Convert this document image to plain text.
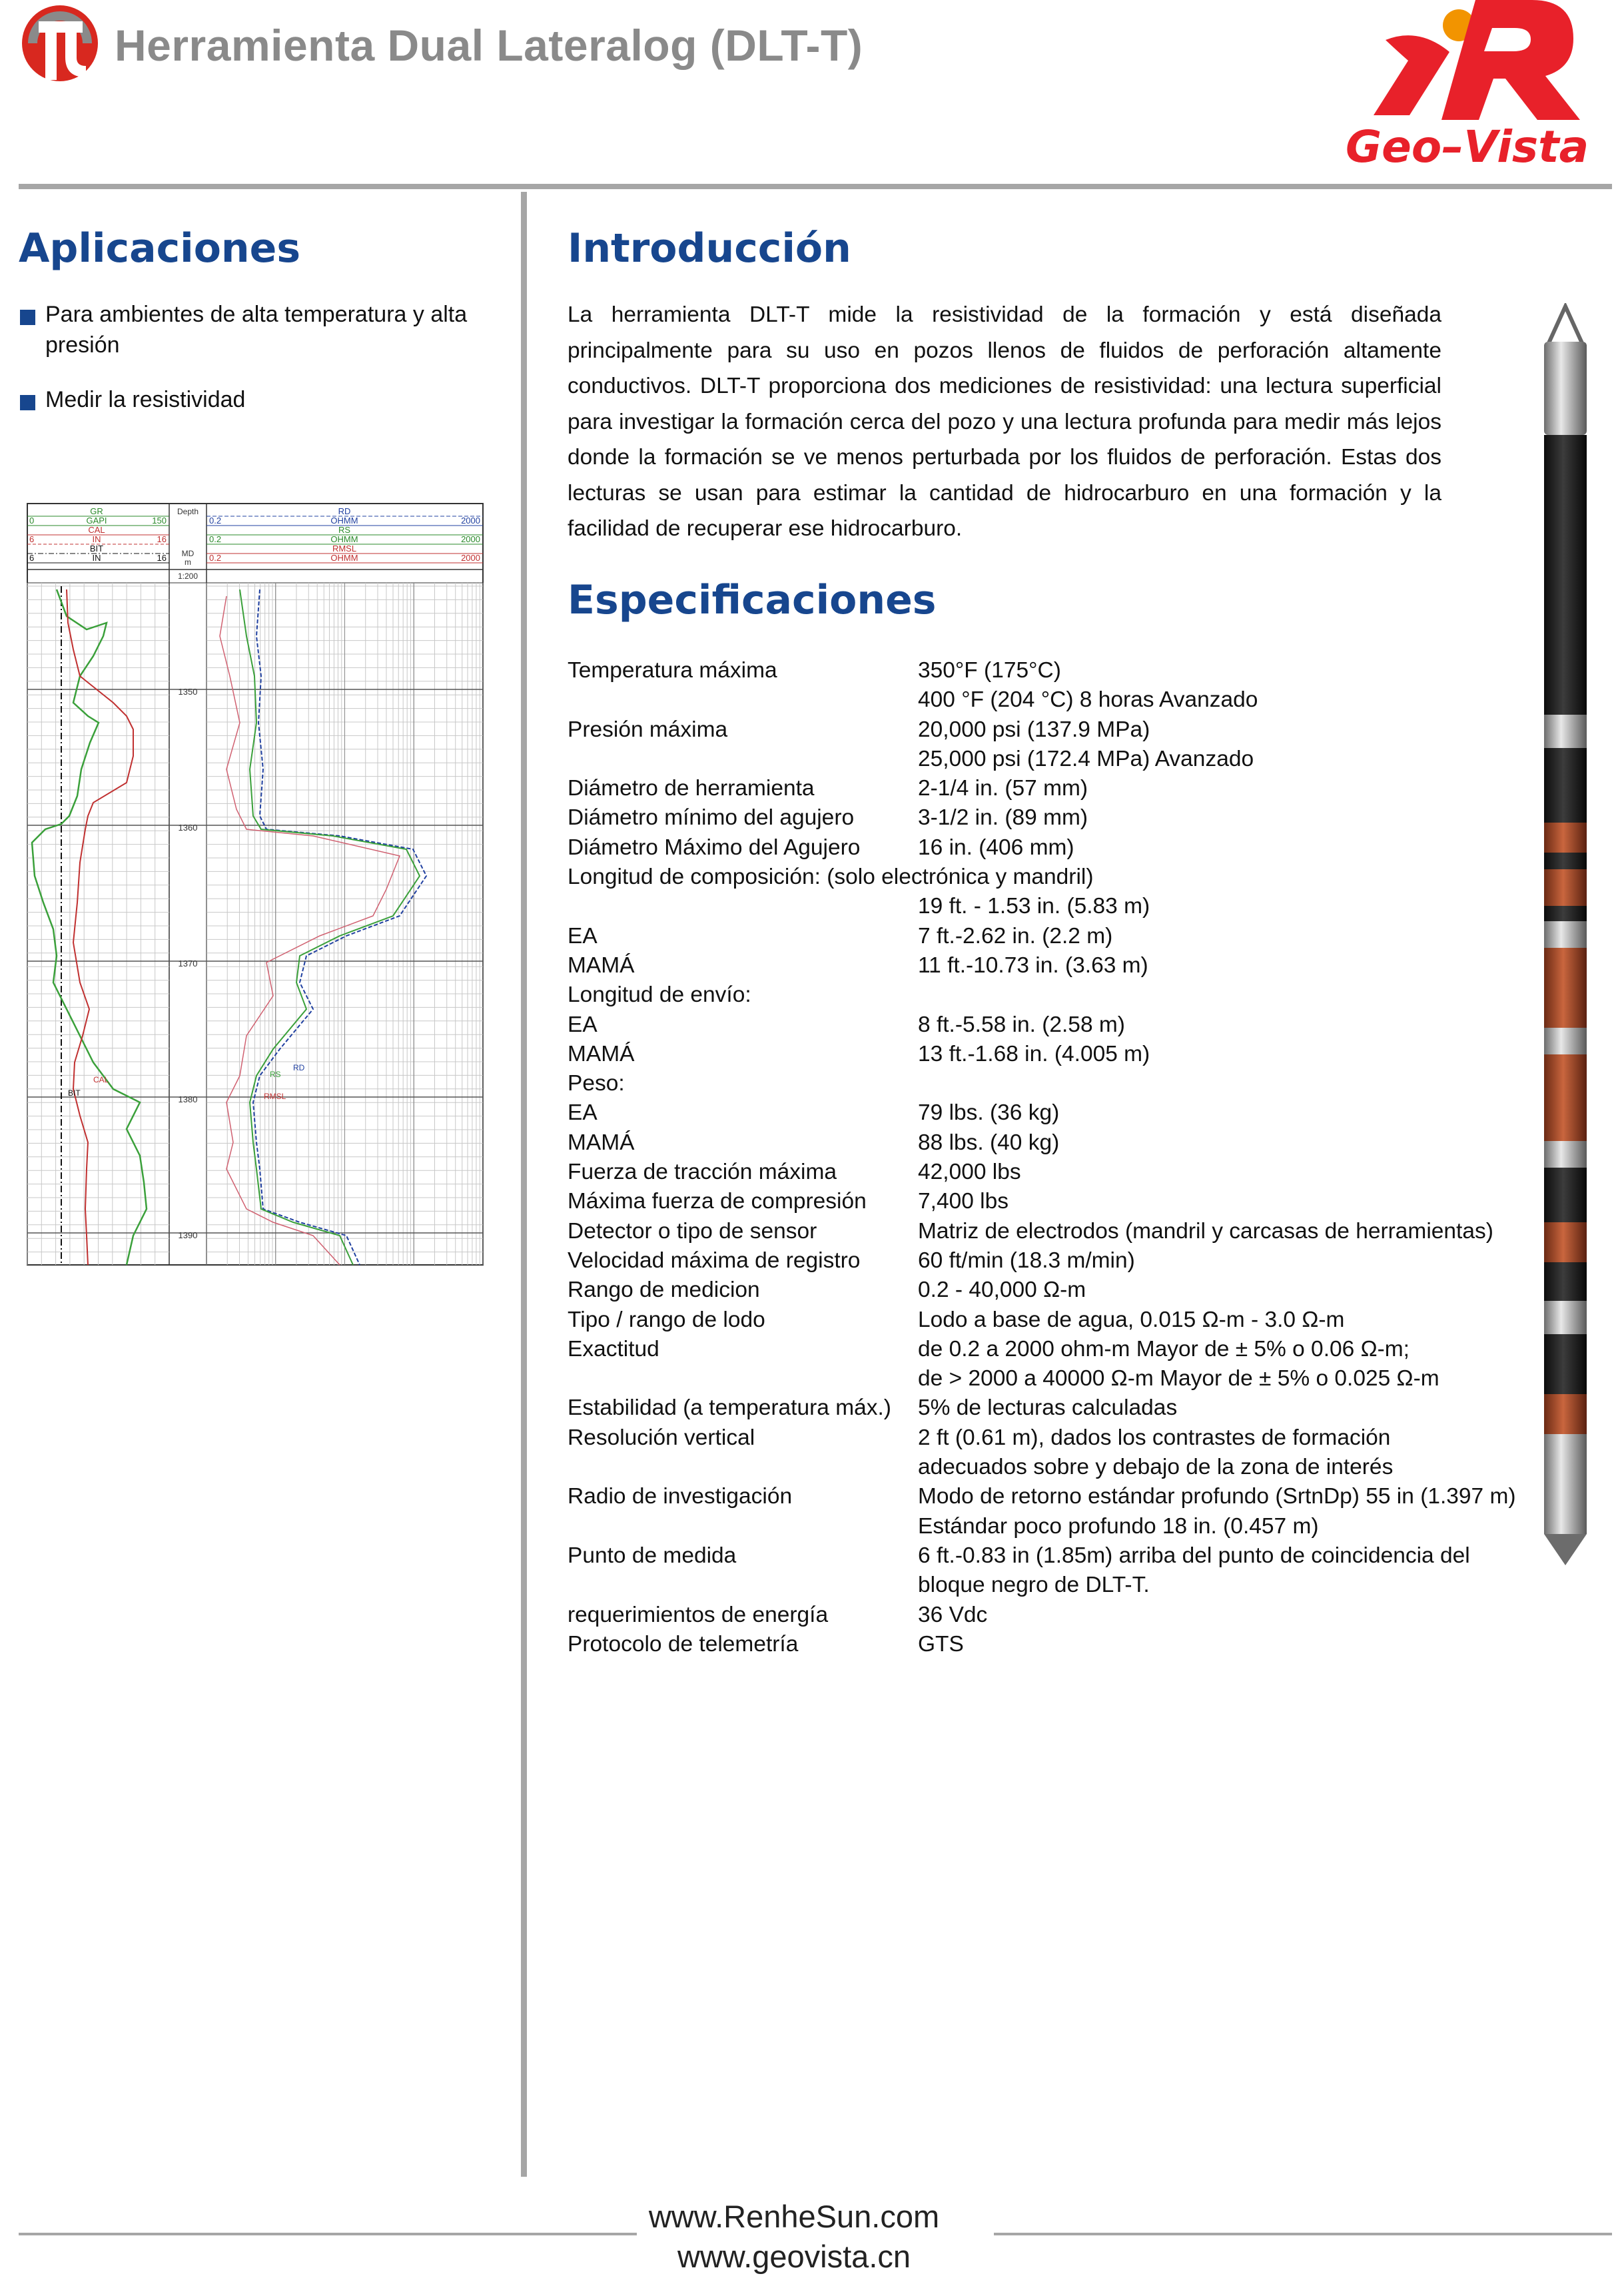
Herramienta Dual Lateralog (DLT-T)
Geo–Vista
Aplicaciones
Para ambientes de alta temperatura y alta presión
Medir la resistividad
GR
0	GAPI	150
CAL
6	IN	16
BIT
6	IN	16
Depth
MD
m
1:200
RD
0.2	OHMM	2000
RS
0.2	OHMM	2000
RMSL
0.2	OHMM	2000
1350
1360
1370
1380
1390
CAL
BIT
RD
RS
RMSL
Introducción
La herramienta DLT-T mide la resistividad de la formación y está diseñada principalmente para su uso en pozos llenos de fluidos de perforación altamente conductivos. DLT-T proporciona dos mediciones de resistividad: una lectura superficial para investigar la formación cerca del pozo y una lectura profunda para medir más lejos donde la formación se ve menos perturbada por los fluidos de perforación. Estas dos lecturas se usan para estimar la cantidad de hidrocarburo en una formación y la facilidad de recuperar ese hidrocarburo.
Especificaciones
Temperatura máxima	350°F (175°C)
400 °F (204 °C) 8 horas Avanzado
Presión máxima	20,000 psi (137.9 MPa)
25,000 psi (172.4 MPa) Avanzado
Diámetro de herramienta	2-1/4 in. (57 mm)
Diámetro mínimo del agujero	3-1/2 in. (89 mm)
Diámetro Máximo del Agujero	16 in. (406 mm)
Longitud de composición: (solo electrónica y mandril)
19 ft. - 1.53 in. (5.83 m)
EA	7 ft.-2.62 in. (2.2 m)
MAMÁ	11 ft.-10.73 in. (3.63 m)
Longitud de envío:
EA	8 ft.-5.58 in. (2.58 m)
MAMÁ	13 ft.-1.68 in. (4.005 m)
Peso:
EA	79 lbs. (36 kg)
MAMÁ	88 lbs. (40 kg)
Fuerza de tracción máxima	42,000 lbs
Máxima fuerza de compresión 7,400 lbs
Detector o tipo de sensor	Matriz de electrodos (mandril y carcasas de herramientas)
Velocidad máxima de registro	60 ft/min (18.3 m/min)
Rango de medicion	0.2 - 40,000 Ω-m
Tipo / rango de lodo	Lodo a base de agua, 0.015 Ω-m - 3.0 Ω-m
Exactitud	de 0.2 a 2000 ohm-m Mayor de ± 5% o 0.06 Ω-m;
de > 2000 a 40000 Ω-m Mayor de ± 5% o 0.025 Ω-m
Estabilidad (a temperatura máx.) 5% de lecturas calculadas
Resolución vertical	2 ft (0.61 m), dados los contrastes de formación
adecuados sobre y debajo de la zona de interés
Radio de investigación	Modo de retorno estándar profundo (SrtnDp) 55 in (1.397 m)
Estándar poco profundo 18 in. (0.457 m)
Punto de medida	6 ft.-0.83 in (1.85m) arriba del punto de coincidencia del
bloque negro de DLT-T.
requerimientos de energía	36 Vdc
Protocolo de telemetría	GTS
www.RenheSun.com
www.geovista.cn
